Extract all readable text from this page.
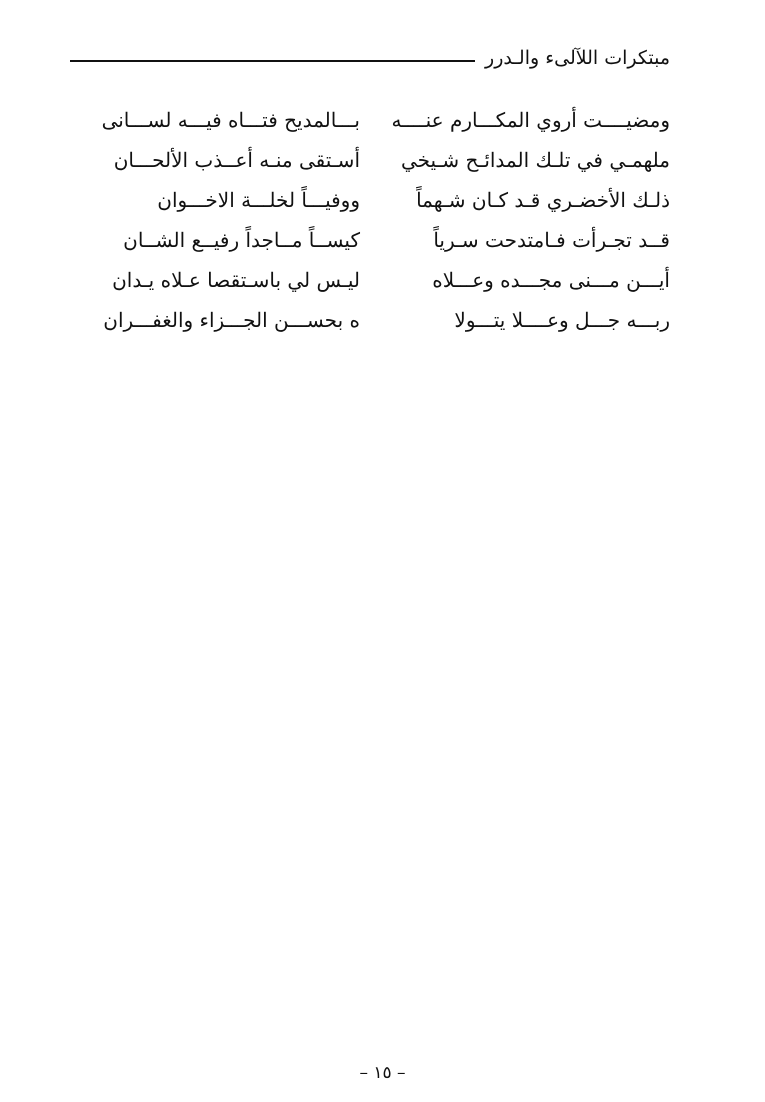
مبتكرات اللآلىء والـدرر
ومضيــــت أروي المكـــارم عنــــه
بـــالمديح فتـــاه فيـــه لســـانى
ملهمـي في تلـك المدائـح شـيخي
أسـتقى منـه أعــذب الألحـــان
ذلـك الأخضـري قـد كـان شـهماً
ووفيـــاً لخلـــة الاخـــوان
قــد تجـرأت فـامتدحت سـرياً
كيســاً مــاجداً رفيــع الشــان
أيـــن مـــنى مجـــده وعـــلاه
ليـس لي باسـتقصا عـلاه يـدان
ربـــه جـــل وعــــلا يتـــولا
ه بحســـن الجـــزاء والغفـــران
– ١٥ –
